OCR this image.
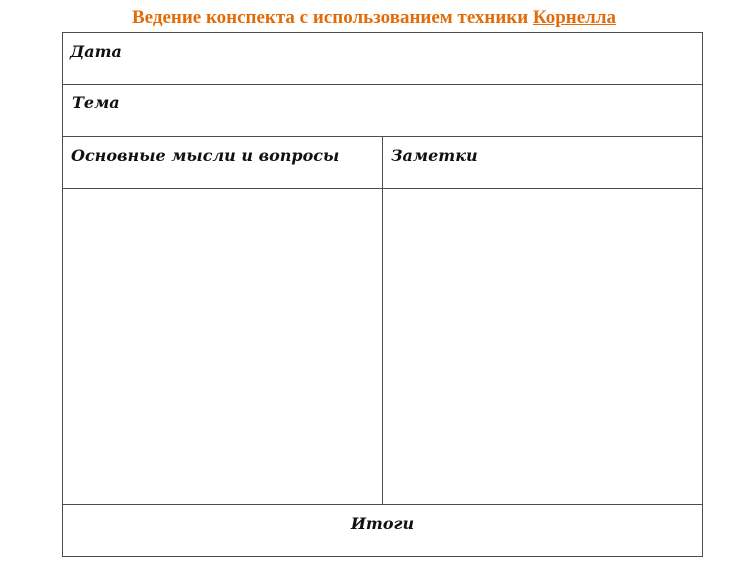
Ведение конспекта с использованием техники Корнелла
Дата
Тема
Основные мысли и вопросы	Заметки
Итоги
